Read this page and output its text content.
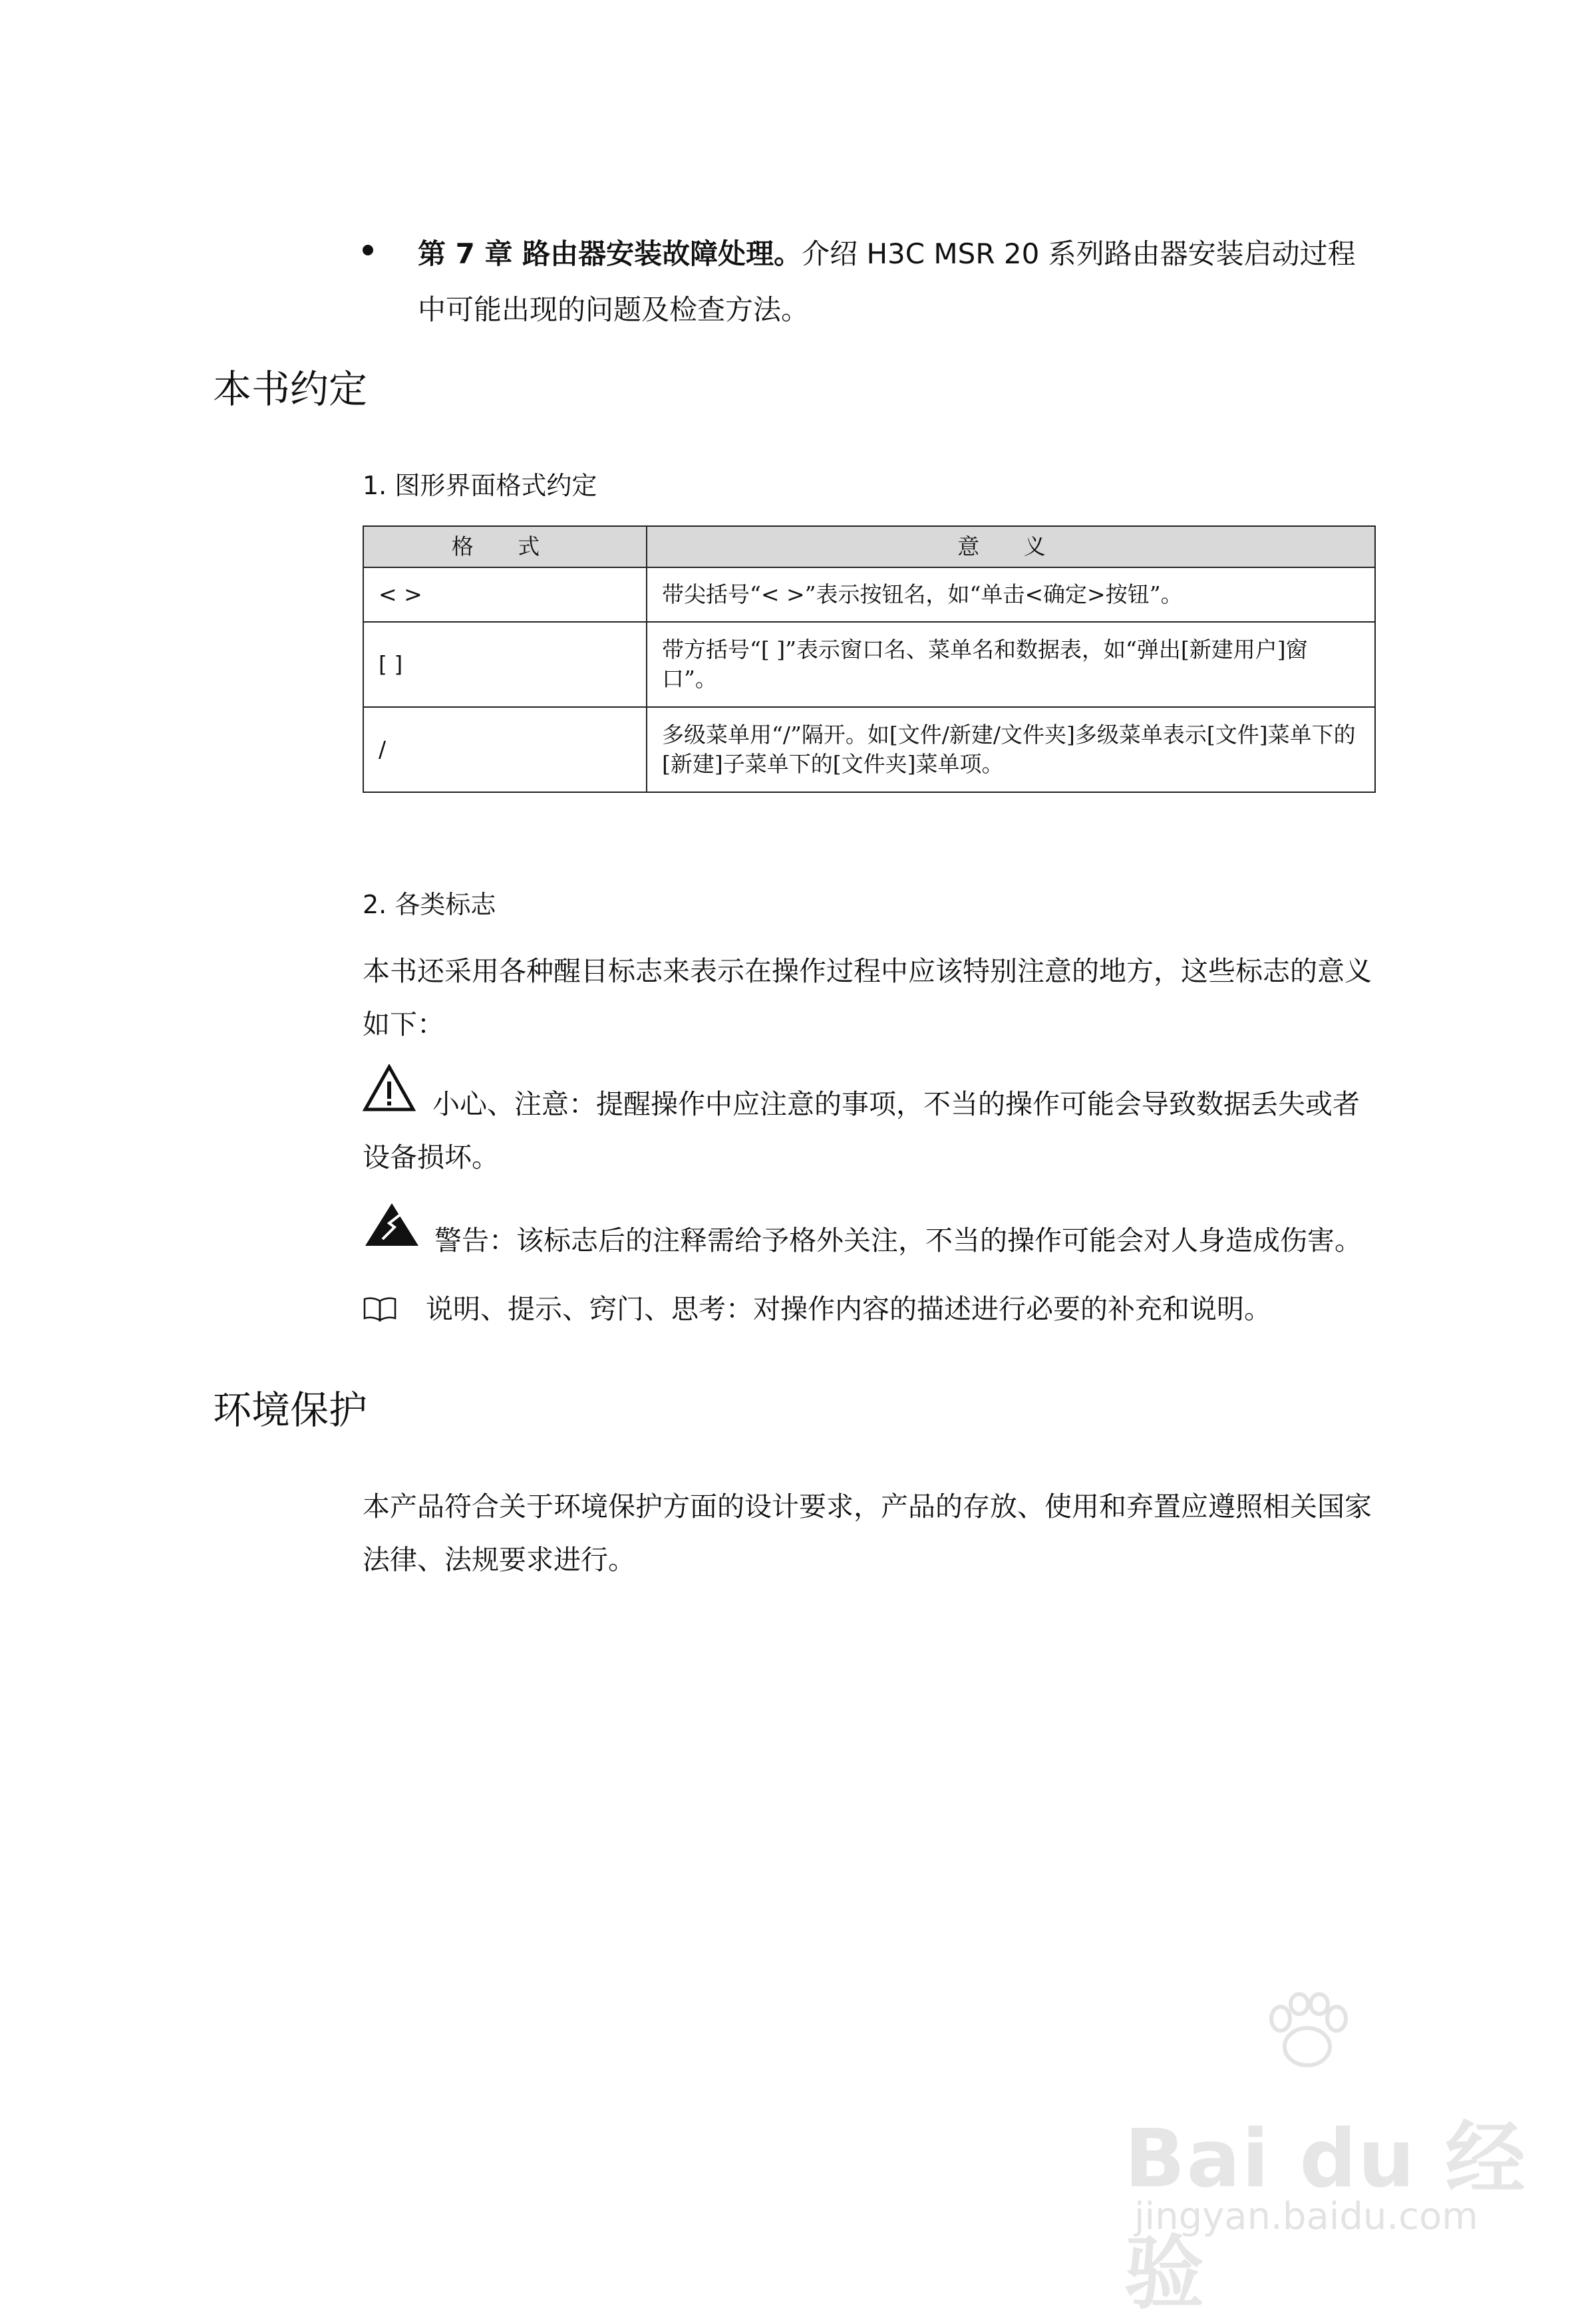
第 7 章 路由器安装故障处理。介绍 H3C MSR 20 系列路由器安装启动过程中可能出现的问题及检查方法。
本书约定
1. 图形界面格式约定
格 式	意 义
< >	带尖括号“< >”表示按钮名，如“单击<确定>按钮”。
[ ]	带方括号“[ ]”表示窗口名、菜单名和数据表，如“弹出[新建用户]窗口”。
/	多级菜单用“/”隔开。如[文件/新建/文件夹]多级菜单表示[文件]菜单下的[新建]子菜单下的[文件夹]菜单项。
2. 各类标志
本书还采用各种醒目标志来表示在操作过程中应该特别注意的地方，这些标志的意义如下：
小心、注意：提醒操作中应注意的事项，不当的操作可能会导致数据丢失或者设备损坏。
警告：该标志后的注释需给予格外关注，不当的操作可能会对人身造成伤害。
说明、提示、窍门、思考：对操作内容的描述进行必要的补充和说明。
环境保护
本产品符合关于环境保护方面的设计要求，产品的存放、使用和弃置应遵照相关国家法律、法规要求进行。
Bai du 经验
jingyan.baidu.com
